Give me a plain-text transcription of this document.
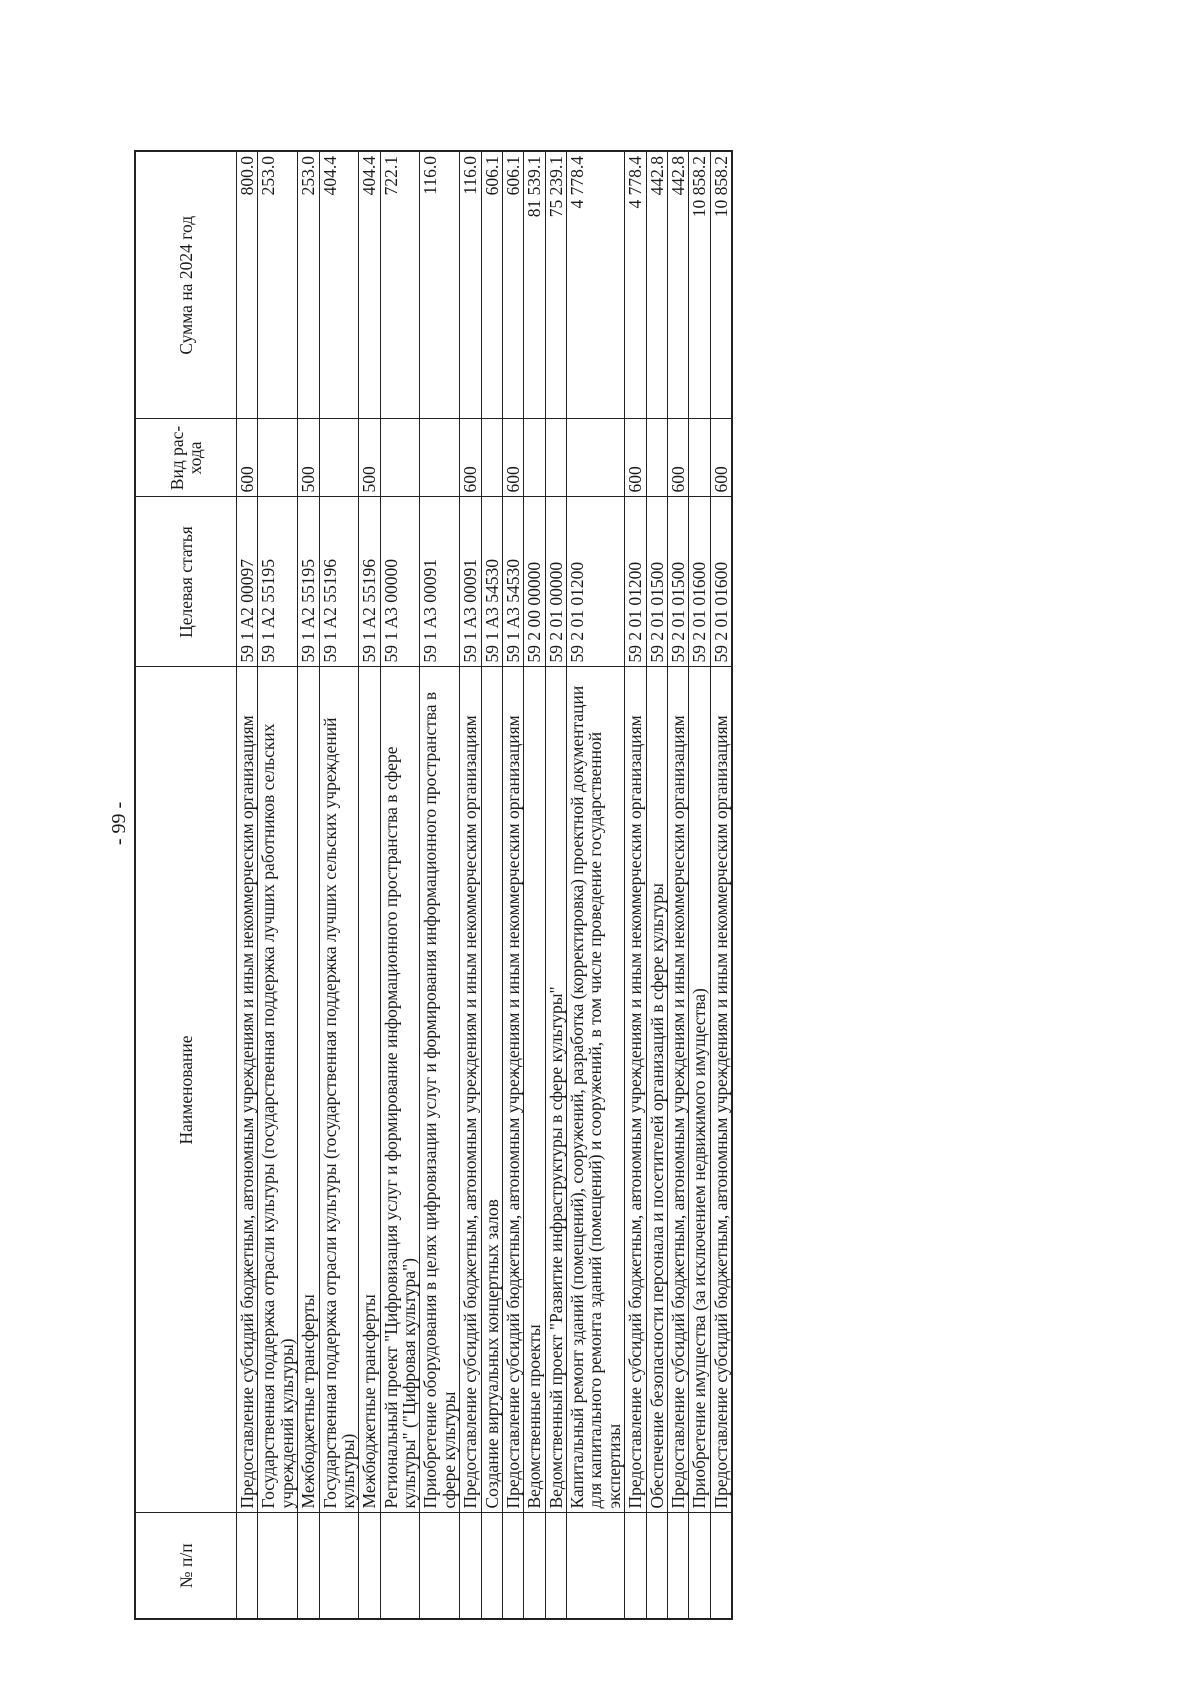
- 99 -
№ п/п	Наименование	Целевая статья	Вид рас- хода	Сумма на 2024 год
	Предоставление субсидий бюджетным, автономным учреждениям и иным некоммерческим организациям	59 1 A2 00097	600	800.0
	Государственная поддержка отрасли культуры (государственная поддержка лучших работников сельских учреждений культуры)	59 1 A2 55195		253.0
	Межбюджетные трансферты	59 1 A2 55195	500	253.0
	Государственная поддержка отрасли культуры (государственная поддержка лучших сельских учреждений культуры)	59 1 A2 55196		404.4
	Межбюджетные трансферты	59 1 A2 55196	500	404.4
	Региональный проект "Цифровизация услуг и формирование информационного пространства в сфере культуры" ("Цифровая культура")	59 1 A3 00000		722.1
	Приобретение оборудования в целях цифровизации услуг и формирования информационного пространства в сфере культуры	59 1 A3 00091		116.0
	Предоставление субсидий бюджетным, автономным учреждениям и иным некоммерческим организациям	59 1 A3 00091	600	116.0
	Создание виртуальных концертных залов	59 1 A3 54530		606.1
	Предоставление субсидий бюджетным, автономным учреждениям и иным некоммерческим организациям	59 1 A3 54530	600	606.1
	Ведомственные проекты	59 2 00 00000		81 539.1
	Ведомственный проект "Развитие инфраструктуры в сфере культуры"	59 2 01 00000		75 239.1
	Капитальный ремонт зданий (помещений), сооружений, разработка (корректировка) проектной документации для капитального ремонта зданий (помещений) и сооружений, в том числе проведение государственной экспертизы	59 2 01 01200		4 778.4
	Предоставление субсидий бюджетным, автономным учреждениям и иным некоммерческим организациям	59 2 01 01200	600	4 778.4
	Обеспечение безопасности персонала и посетителей организаций в сфере культуры	59 2 01 01500		442.8
	Предоставление субсидий бюджетным, автономным учреждениям и иным некоммерческим организациям	59 2 01 01500	600	442.8
	Приобретение имущества (за исключением недвижимого имущества)	59 2 01 01600		10 858.2
	Предоставление субсидий бюджетным, автономным учреждениям и иным некоммерческим организациям	59 2 01 01600	600	10 858.2
